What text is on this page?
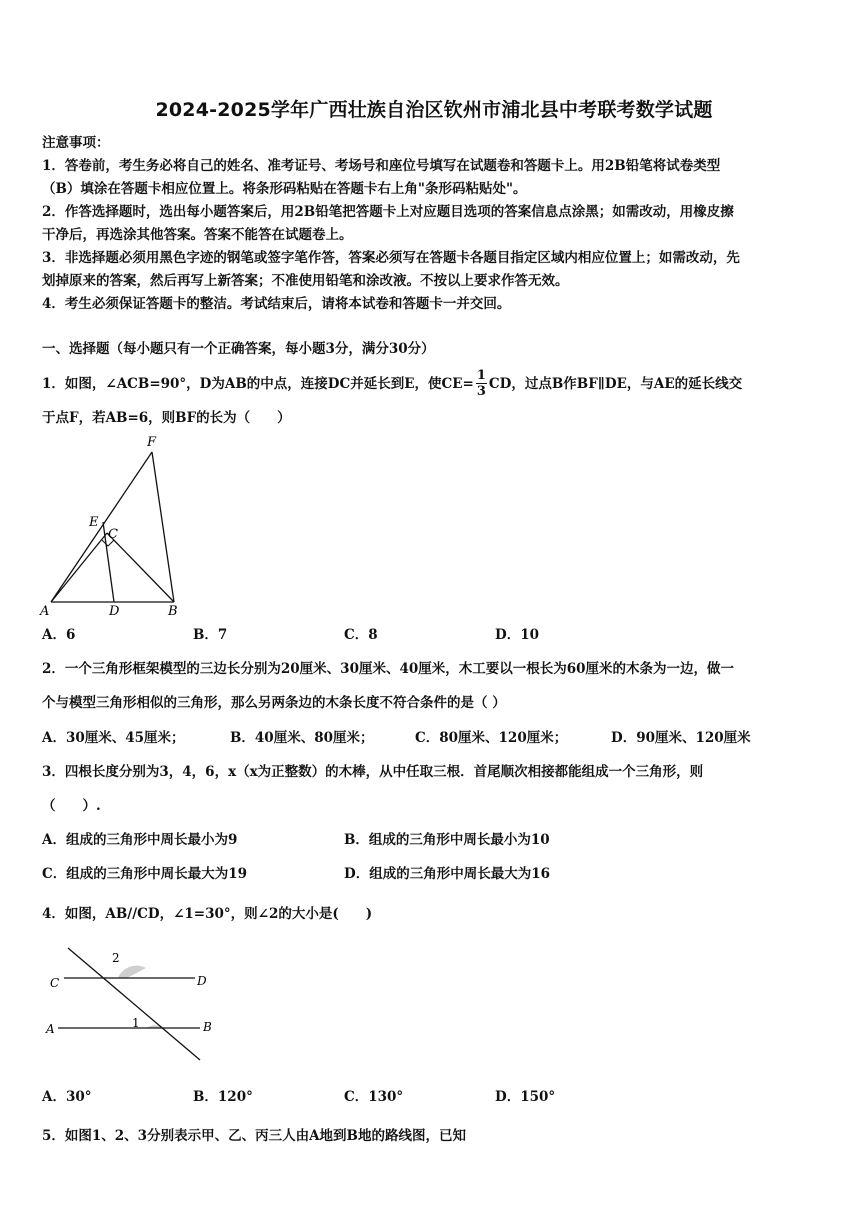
2024-2025学年广西壮族自治区钦州市浦北县中考联考数学试题
注意事项：
1．答卷前，考生务必将自己的姓名、准考证号、考场号和座位号填写在试题卷和答题卡上。用2B铅笔将试卷类型
（B）填涂在答题卡相应位置上。将条形码粘贴在答题卡右上角"条形码粘贴处"。
2．作答选择题时，选出每小题答案后，用2B铅笔把答题卡上对应题目选项的答案信息点涂黑；如需改动，用橡皮擦
干净后，再选涂其他答案。答案不能答在试题卷上。
3．非选择题必须用黑色字迹的钢笔或签字笔作答，答案必须写在答题卡各题目指定区域内相应位置上；如需改动，先
划掉原来的答案，然后再写上新答案；不准使用铅笔和涂改液。不按以上要求作答无效。
4．考生必须保证答题卡的整洁。考试结束后，请将本试卷和答题卡一并交回。
一、选择题（每小题只有一个正确答案，每小题3分，满分30分）
1．如图，∠ACB=90°，D为AB的中点，连接DC并延长到E，使$CE= \frac{1}{3}$ CD，过点B作BF∥DE，与AE的延长线交
于点F，若AB=6，则BF的长为（　　）
F
E
C
A	D	B
A．6	B．7	C．8	D．10
2．一个三角形框架模型的三边长分别为20厘米、30厘米、40厘米，木工要以一根长为60厘米的木条为一边，做一
个与模型三角形相似的三角形，那么另两条边的木条长度不符合条件的是（ ）
A．30厘米、45厘米；	B．40厘米、80厘米；	C．80厘米、120厘米；	D．90厘米、120厘米
3．四根长度分别为3，4，6，x（x为正整数）的木棒，从中任取三根．首尾顺次相接都能组成一个三角形，则
（　　）.
A．组成的三角形中周长最小为9	B．组成的三角形中周长最小为10
C．组成的三角形中周长最大为19	D．组成的三角形中周长最大为16
4．如图，AB//CD，∠1=30°，则∠2的大小是(　　)
C	D
A	B
1
2
A．30°	B．120°	C．130°	D．150°
5．如图1、2、3分别表示甲、乙、丙三人由A地到B地的路线图，已知
